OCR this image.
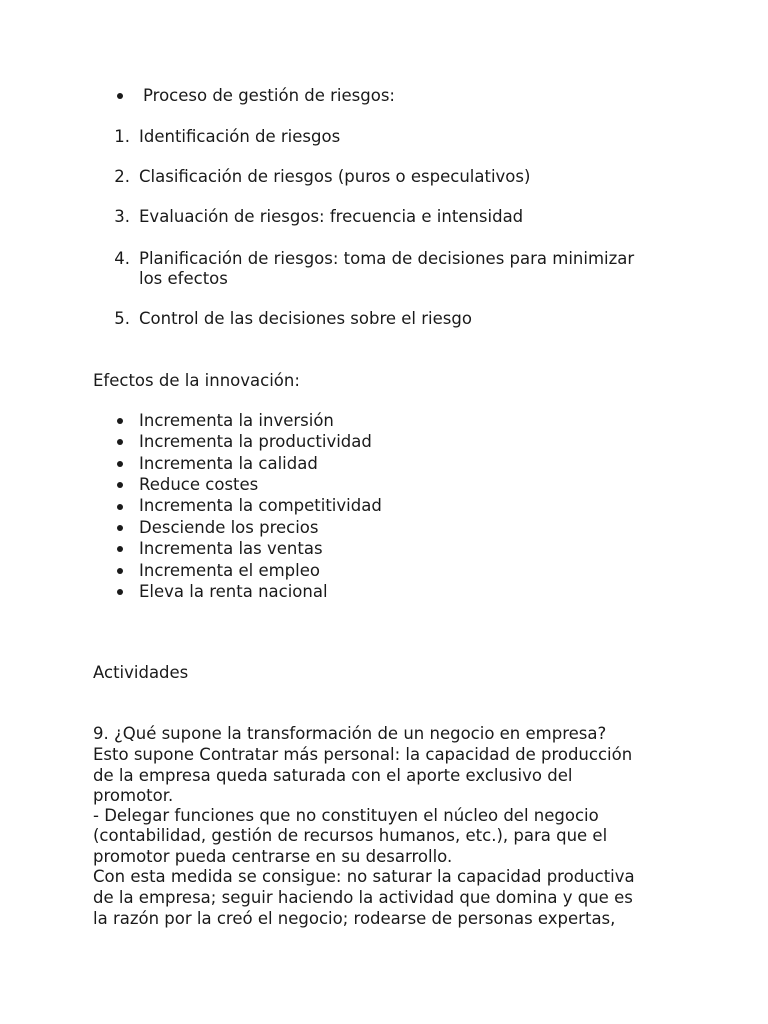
Proceso de gestión de riesgos:
1. Identificación de riesgos
2. Clasificación de riesgos (puros o especulativos)
3. Evaluación de riesgos: frecuencia e intensidad
4. Planificación de riesgos: toma de decisiones para minimizar
los efectos
5. Control de las decisiones sobre el riesgo
Efectos de la innovación:
Incrementa la inversión
Incrementa la productividad
Incrementa la calidad
Reduce costes
Incrementa la competitividad
Desciende los precios
Incrementa las ventas
Incrementa el empleo
Eleva la renta nacional
Actividades
9. ¿Qué supone la transformación de un negocio en empresa?
Esto supone Contratar más personal: la capacidad de producción
de la empresa queda saturada con el aporte exclusivo del
promotor.
- Delegar funciones que no constituyen el núcleo del negocio
(contabilidad, gestión de recursos humanos, etc.), para que el
promotor pueda centrarse en su desarrollo.
Con esta medida se consigue: no saturar la capacidad productiva
de la empresa; seguir haciendo la actividad que domina y que es
la razón por la creó el negocio; rodearse de personas expertas,
